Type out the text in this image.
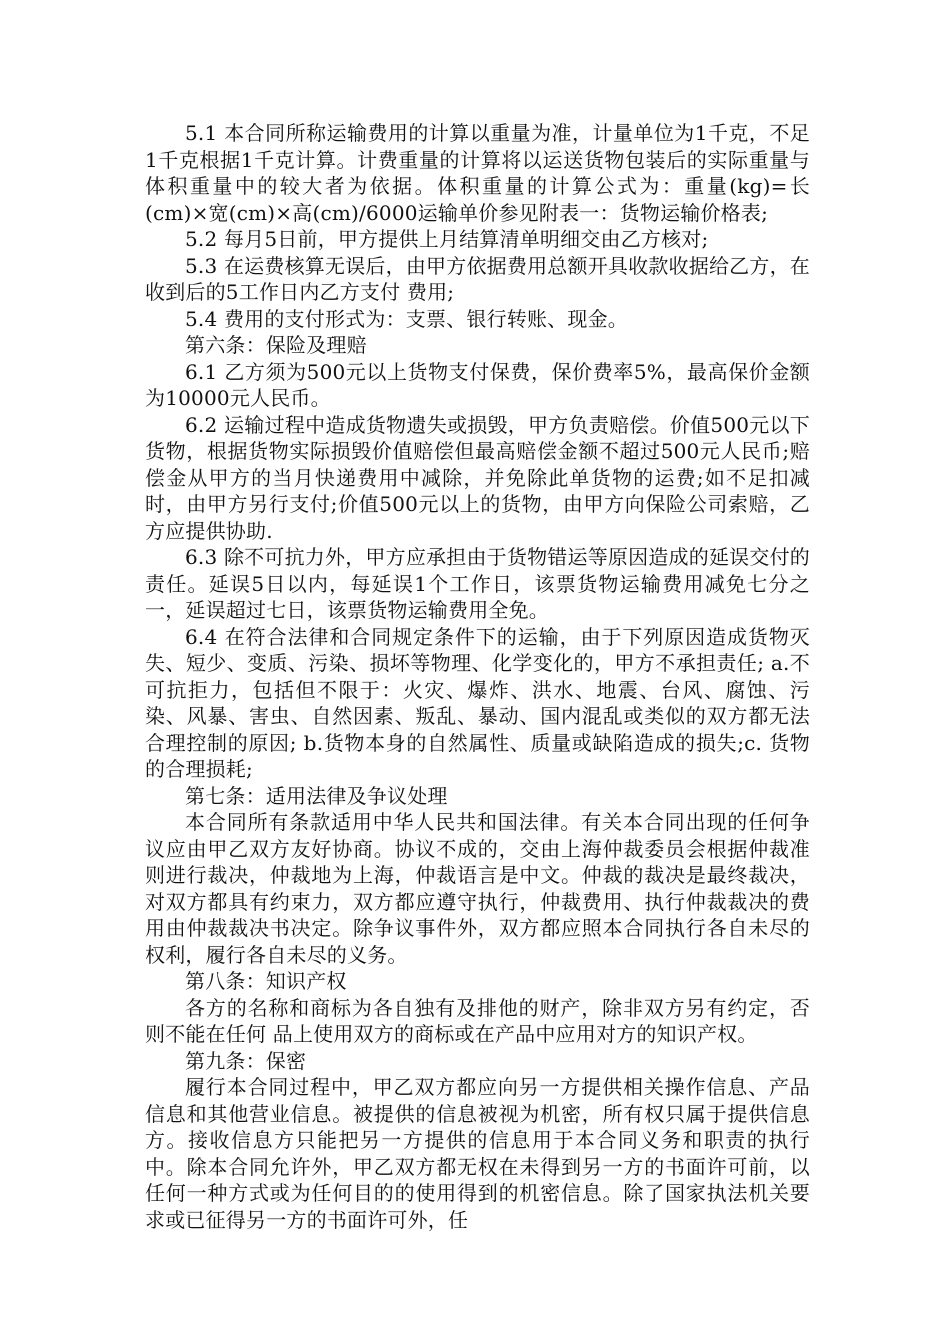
5.1 本合同所称运输费用的计算以重量为准，计量单位为1千克，不足1千克根据1千克计算。计费重量的计算将以运送货物包装后的实际重量与体积重量中的较大者为依据。体积重量的计算公式为：重量(kg)=长(cm)×宽(cm)×高(cm)/6000运输单价参见附表一：货物运输价格表;

5.2 每月5日前，甲方提供上月结算清单明细交由乙方核对;

5.3 在运费核算无误后，由甲方依据费用总额开具收款收据给乙方，在收到后的5工作日内乙方支付 费用;

5.4 费用的支付形式为：支票、银行转账、现金。

第六条：保险及理赔

6.1 乙方须为500元以上货物支付保费，保价费率5%，最高保价金额为10000元人民币。

6.2 运输过程中造成货物遗失或损毁，甲方负责赔偿。价值500元以下货物，根据货物实际损毁价值赔偿但最高赔偿金额不超过500元人民币;赔偿金从甲方的当月快递费用中减除，并免除此单货物的运费;如不足扣减时，由甲方另行支付;价值500元以上的货物，由甲方向保险公司索赔，乙方应提供协助.

6.3 除不可抗力外，甲方应承担由于货物错运等原因造成的延误交付的责任。延误5日以内，每延误1个工作日，该票货物运输费用减免七分之一，延误超过七日，该票货物运输费用全免。

6.4 在符合法律和合同规定条件下的运输，由于下列原因造成货物灭失、短少、变质、污染、损坏等物理、化学变化的，甲方不承担责任; a.不可抗拒力，包括但不限于：火灾、爆炸、洪水、地震、台风、腐蚀、污染、风暴、害虫、自然因素、叛乱、暴动、国内混乱或类似的双方都无法合理控制的原因; b.货物本身的自然属性、质量或缺陷造成的损失;c. 货物的合理损耗;

第七条：适用法律及争议处理

本合同所有条款适用中华人民共和国法律。有关本合同出现的任何争议应由甲乙双方友好协商。协议不成的，交由上海仲裁委员会根据仲裁准则进行裁决，仲裁地为上海，仲裁语言是中文。仲裁的裁决是最终裁决，对双方都具有约束力，双方都应遵守执行，仲裁费用、执行仲裁裁决的费用由仲裁裁决书决定。除争议事件外，双方都应照本合同执行各自未尽的权利，履行各自未尽的义务。

第八条：知识产权

各方的名称和商标为各自独有及排他的财产，除非双方另有约定，否则不能在任何 品上使用双方的商标或在产品中应用对方的知识产权。

第九条：保密

履行本合同过程中，甲乙双方都应向另一方提供相关操作信息、产品信息和其他营业信息。被提供的信息被视为机密，所有权只属于提供信息方。接收信息方只能把另一方提供的信息用于本合同义务和职责的执行中。除本合同允许外，甲乙双方都无权在未得到另一方的书面许可前，以任何一种方式或为任何目的的使用得到的机密信息。除了国家执法机关要求或已征得另一方的书面许可外，任
